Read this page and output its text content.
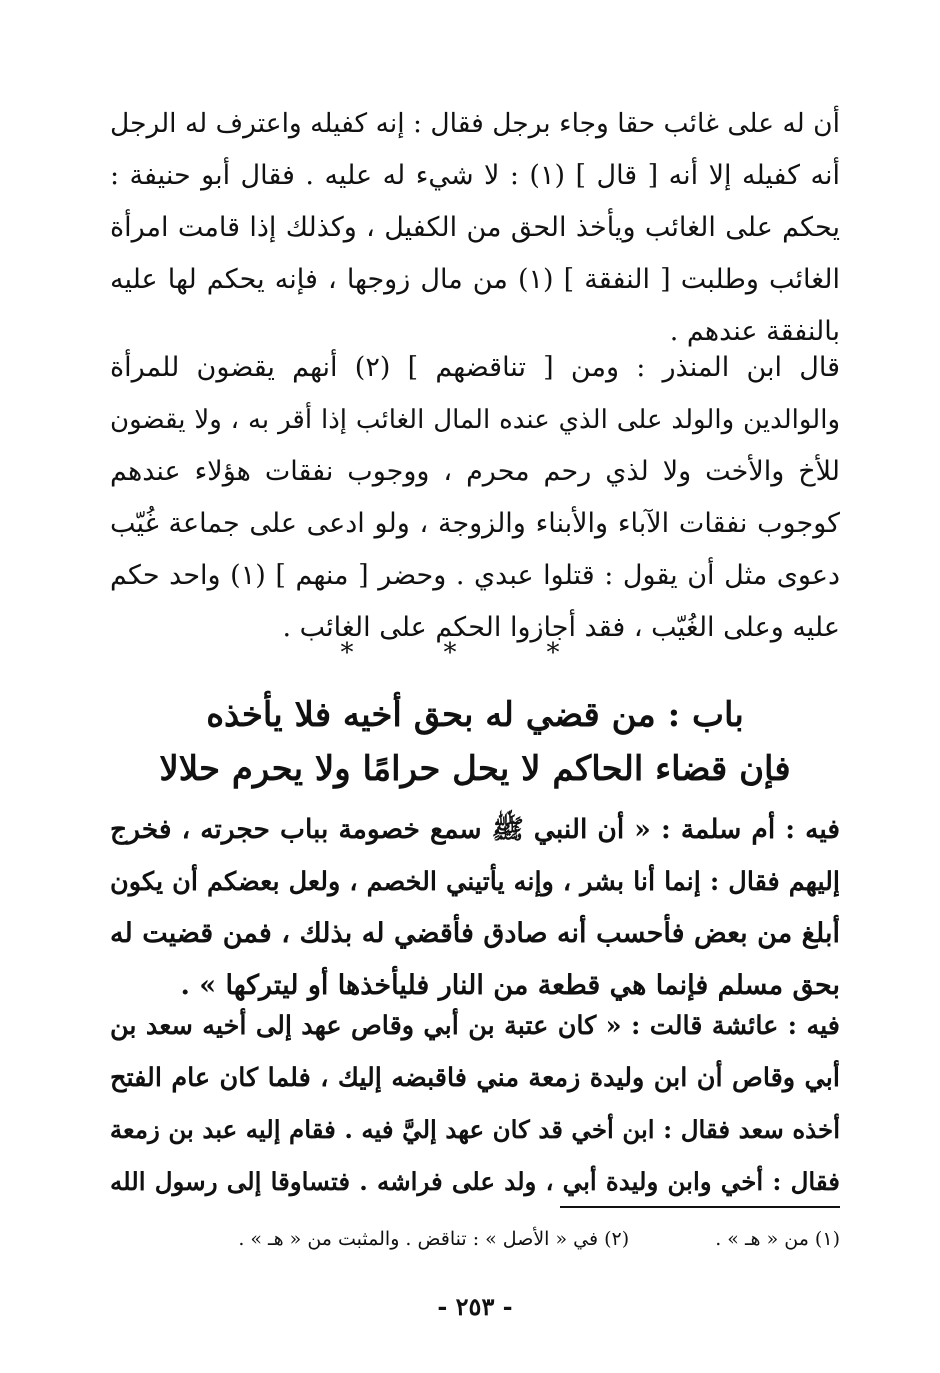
أن له على غائب حقا وجاء برجل فقال : إنه كفيله واعترف له الرجل
أنه كفيله إلا أنه [ قال ] (١) : لا شيء له عليه . فقال أبو حنيفة :
يحكم على الغائب ويأخذ الحق من الكفيل ، وكذلك إذا قامت امرأة
الغائب وطلبت [ النفقة ] (١) من مال زوجها ، فإنه يحكم لها عليه
بالنفقة عندهم .
قال ابن المنذر : ومن [ تناقضهم ] (٢) أنهم يقضون للمرأة
والوالدين والولد على الذي عنده المال الغائب إذا أقر به ، ولا يقضون
للأخ والأخت ولا لذي رحم محرم ، ووجوب نفقات هؤلاء عندهم
كوجوب نفقات الآباء والأبناء والزوجة ، ولو ادعى على جماعة غُيّب
دعوى مثل أن يقول : قتلوا عبدي . وحضر [ منهم ] (١) واحد حكم
عليه وعلى الغُيّب ، فقد أجازوا الحكم على الغائب .
* * *
باب : من قضي له بحق أخيه فلا يأخذه
فإن قضاء الحاكم لا يحل حرامًا ولا يحرم حلالا
فيه : أم سلمة : « أن النبي ﷺ سمع خصومة بباب حجرته ، فخرج
إليهم فقال : إنما أنا بشر ، وإنه يأتيني الخصم ، ولعل بعضكم أن يكون
أبلغ من بعض فأحسب أنه صادق فأقضي له بذلك ، فمن قضيت له
بحق مسلم فإنما هي قطعة من النار فليأخذها أو ليتركها » .
فيه : عائشة قالت : « كان عتبة بن أبي وقاص عهد إلى أخيه سعد بن
أبي وقاص أن ابن وليدة زمعة مني فاقبضه إليك ، فلما كان عام الفتح
أخذه سعد فقال : ابن أخي قد كان عهد إليَّ فيه . فقام إليه عبد بن زمعة
فقال : أخي وابن وليدة أبي ، ولد على فراشه . فتساوقا إلى رسول الله
(١) من « هـ » . (٢) في « الأصل » : تناقض . والمثبت من « هـ » .
- ٢٥٣ -
